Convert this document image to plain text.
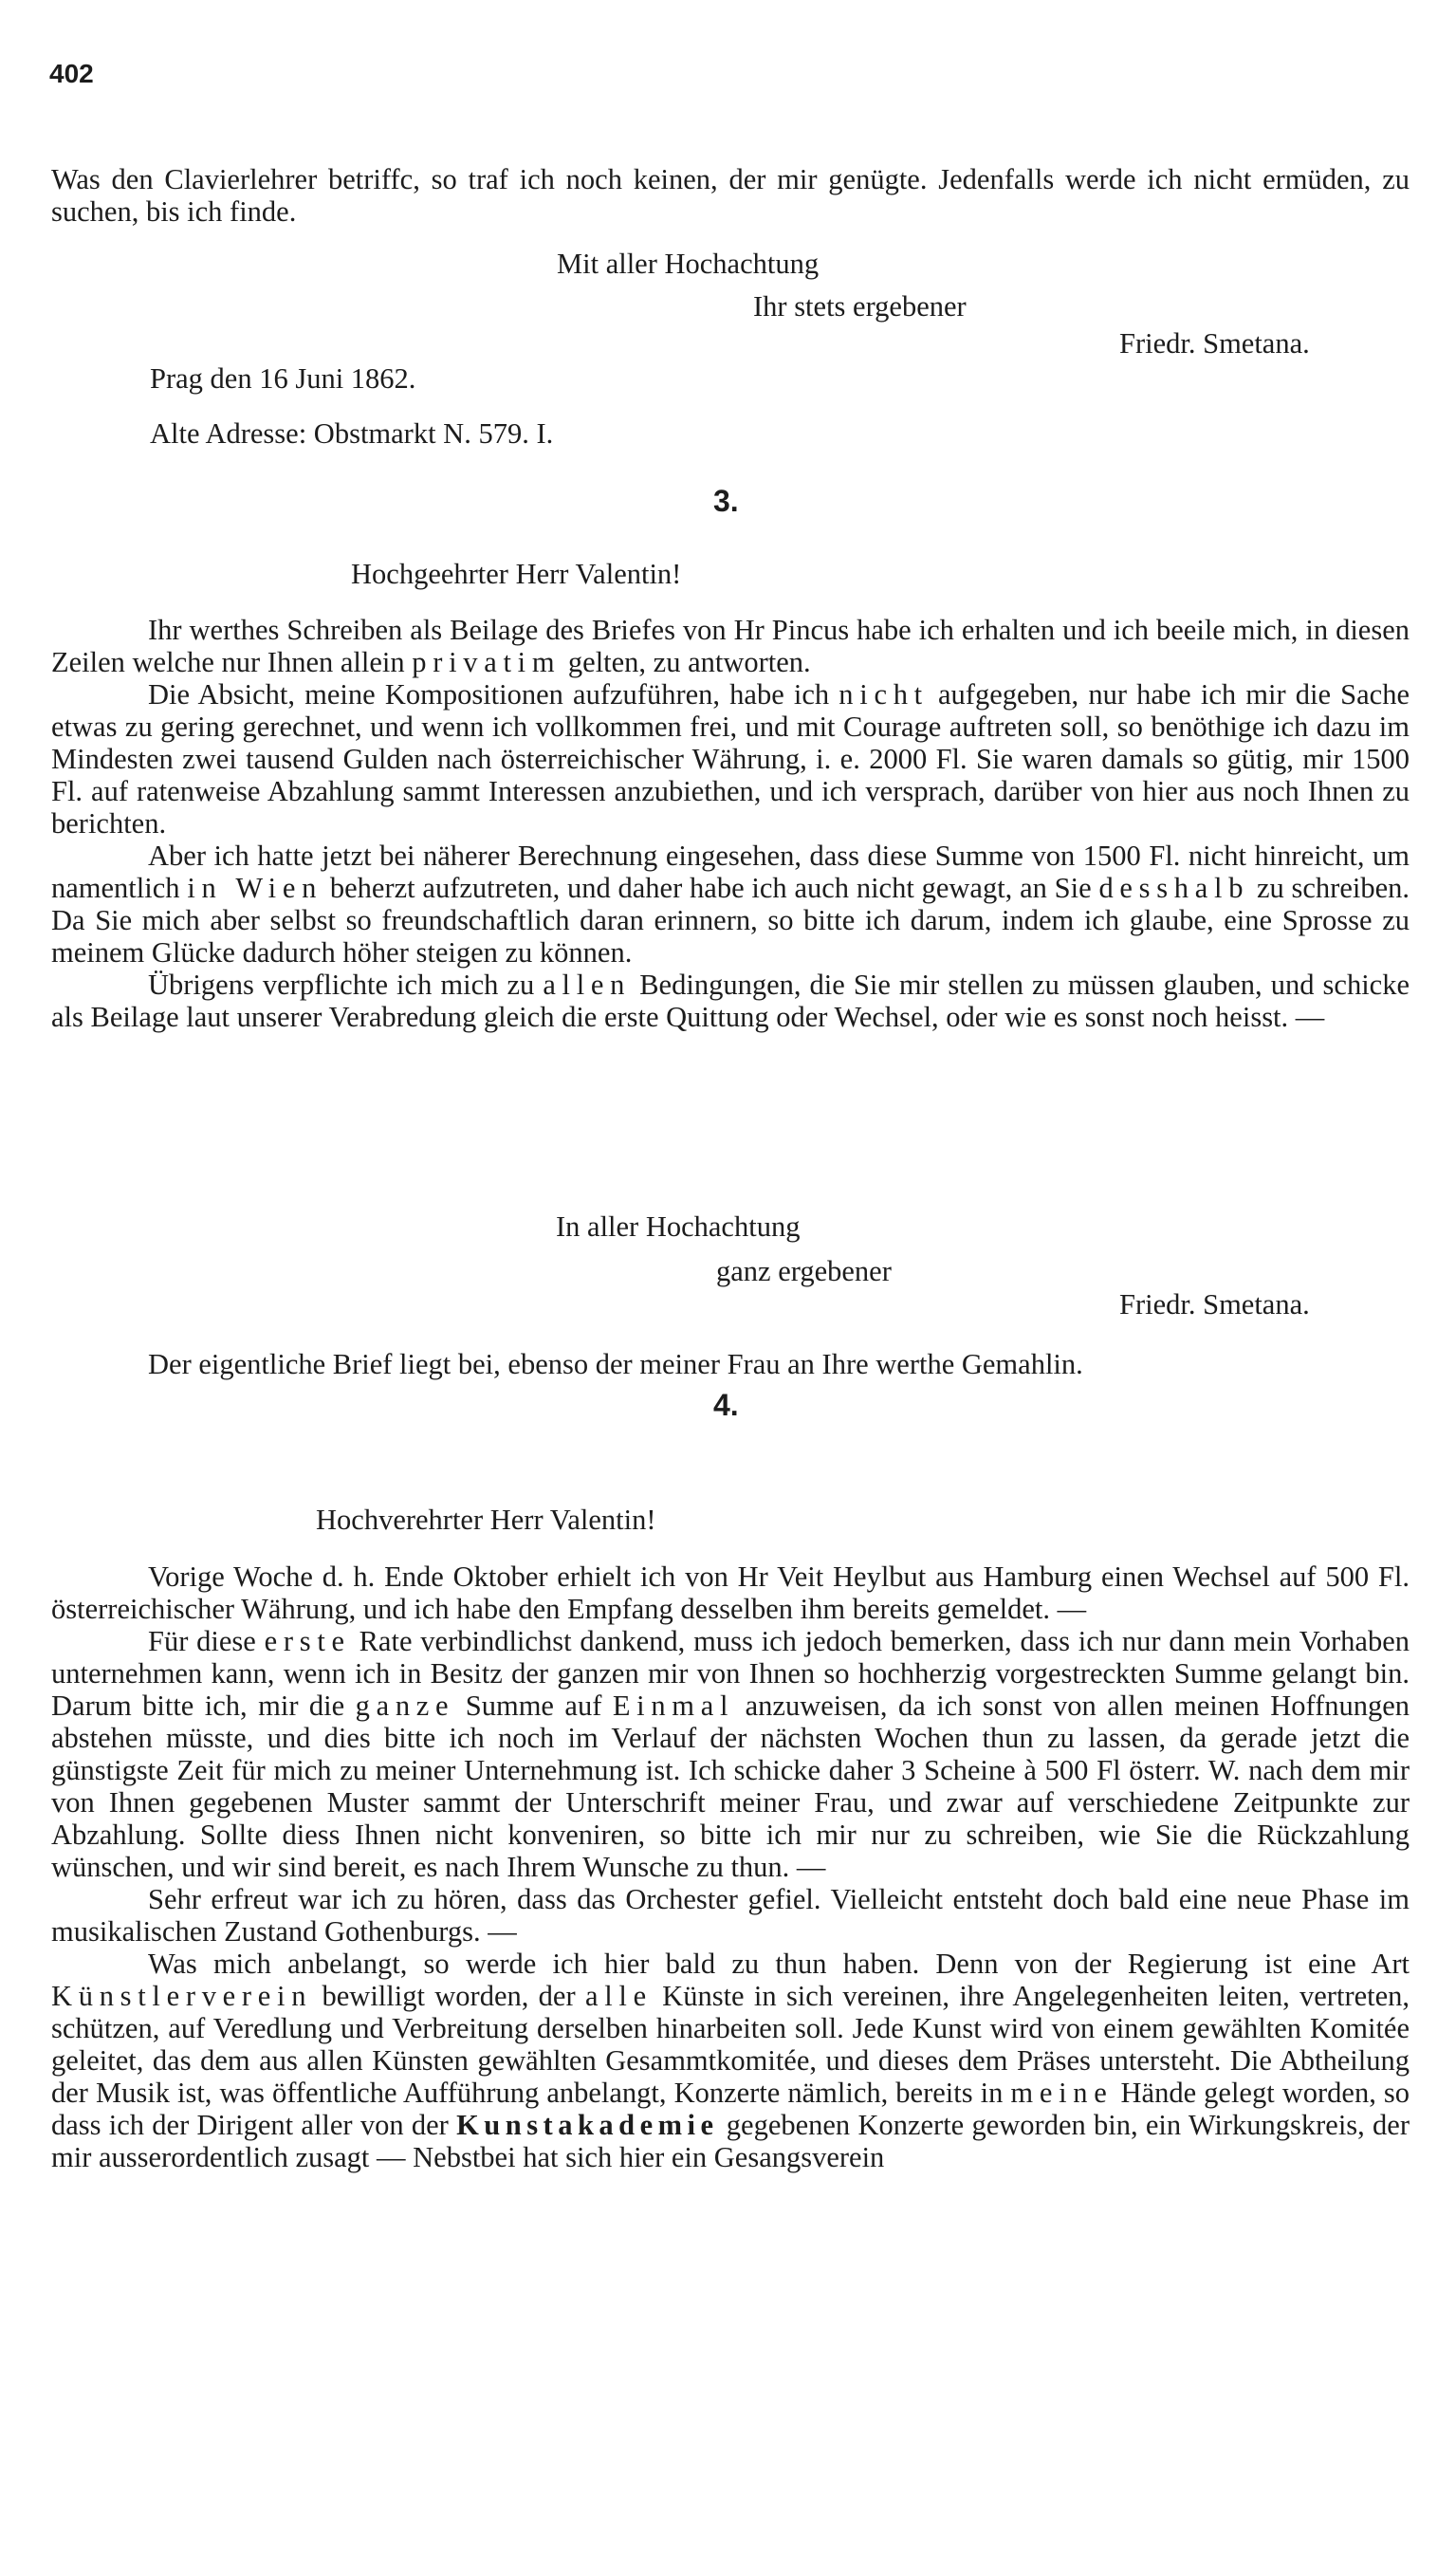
402

Was den Clavierlehrer betriffc, so traf ich noch keinen, der mir genügte. Jedenfalls werde ich nicht ermüden, zu suchen, bis ich finde.

Mit aller Hochachtung
Ihr stets ergebener
Friedr. Smetana.
Prag den 16 Juni 1862.
Alte Adresse: Obstmarkt N. 579. I.
3.
Hochgeehrter Herr Valentin!

Ihr werthes Schreiben als Beilage des Briefes von Hr Pincus habe ich erhalten und ich beeile mich, in diesen Zeilen welche nur Ihnen allein privatim gelten, zu antworten.

Die Absicht, meine Kompositionen aufzuführen, habe ich nicht aufgegeben, nur habe ich mir die Sache etwas zu gering gerechnet, und wenn ich vollkommen frei, und mit Courage auftreten soll, so benöthige ich dazu im Mindesten zwei tausend Gulden nach österreichischer Währung, i. e. 2000 Fl. Sie waren damals so gütig, mir 1500 Fl. auf ratenweise Abzahlung sammt Interessen anzubiethen, und ich versprach, darüber von hier aus noch Ihnen zu berichten.

Aber ich hatte jetzt bei näherer Berechnung eingesehen, dass diese Summe von 1500 Fl. nicht hinreicht, um namentlich in Wien beherzt aufzutreten, und daher habe ich auch nicht gewagt, an Sie desshalb zu schreiben. Da Sie mich aber selbst so freundschaftlich daran erinnern, so bitte ich darum, indem ich glaube, eine Sprosse zu meinem Glücke dadurch höher steigen zu können.

Übrigens verpflichte ich mich zu allen Bedingungen, die Sie mir stellen zu müssen glauben, und schicke als Beilage laut unserer Verabredung gleich die erste Quittung oder Wechsel, oder wie es sonst noch heisst. —

In aller Hochachtung
ganz ergebener
Friedr. Smetana.

Der eigentliche Brief liegt bei, ebenso der meiner Frau an Ihre werthe Gemahlin.

4.
Hochverehrter Herr Valentin!

Vorige Woche d. h. Ende Oktober erhielt ich von Hr Veit Heylbut aus Hamburg einen Wechsel auf 500 Fl. österreichischer Währung, und ich habe den Empfang desselben ihm bereits gemeldet. —

Für diese erste Rate verbindlichst dankend, muss ich jedoch bemerken, dass ich nur dann mein Vorhaben unternehmen kann, wenn ich in Besitz der ganzen mir von Ihnen so hochherzig vorgestreckten Summe gelangt bin. Darum bitte ich, mir die ganze Summe auf Einmal anzuweisen, da ich sonst von allen meinen Hoffnungen abstehen müsste, und dies bitte ich noch im Verlauf der nächsten Wochen thun zu lassen, da gerade jetzt die günstigste Zeit für mich zu meiner Unternehmung ist. Ich schicke daher 3 Scheine à 500 Fl österr. W. nach dem mir von Ihnen gegebenen Muster sammt der Unterschrift meiner Frau, und zwar auf verschiedene Zeitpunkte zur Abzahlung. Sollte diess Ihnen nicht konveniren, so bitte ich mir nur zu schreiben, wie Sie die Rückzahlung wünschen, und wir sind bereit, es nach Ihrem Wunsche zu thun. —

Sehr erfreut war ich zu hören, dass das Orchester gefiel. Vielleicht entsteht doch bald eine neue Phase im musikalischen Zustand Gothenburgs. —

Was mich anbelangt, so werde ich hier bald zu thun haben. Denn von der Regierung ist eine Art Künstlerverein bewilligt worden, der alle Künste in sich vereinen, ihre Angelegenheiten leiten, vertreten, schützen, auf Veredlung und Verbreitung derselben hinarbeiten soll. Jede Kunst wird von einem gewählten Komitée geleitet, das dem aus allen Künsten gewählten Gesammtkomitée, und dieses dem Präses untersteht. Die Abtheilung der Musik ist, was öffentliche Aufführung anbelangt, Konzerte nämlich, bereits in meine Hände gelegt worden, so dass ich der Dirigent aller von der Kunstakademie gegebenen Konzerte geworden bin, ein Wirkungskreis, der mir ausserordentlich zusagt — Nebstbei hat sich hier ein Gesangsverein
